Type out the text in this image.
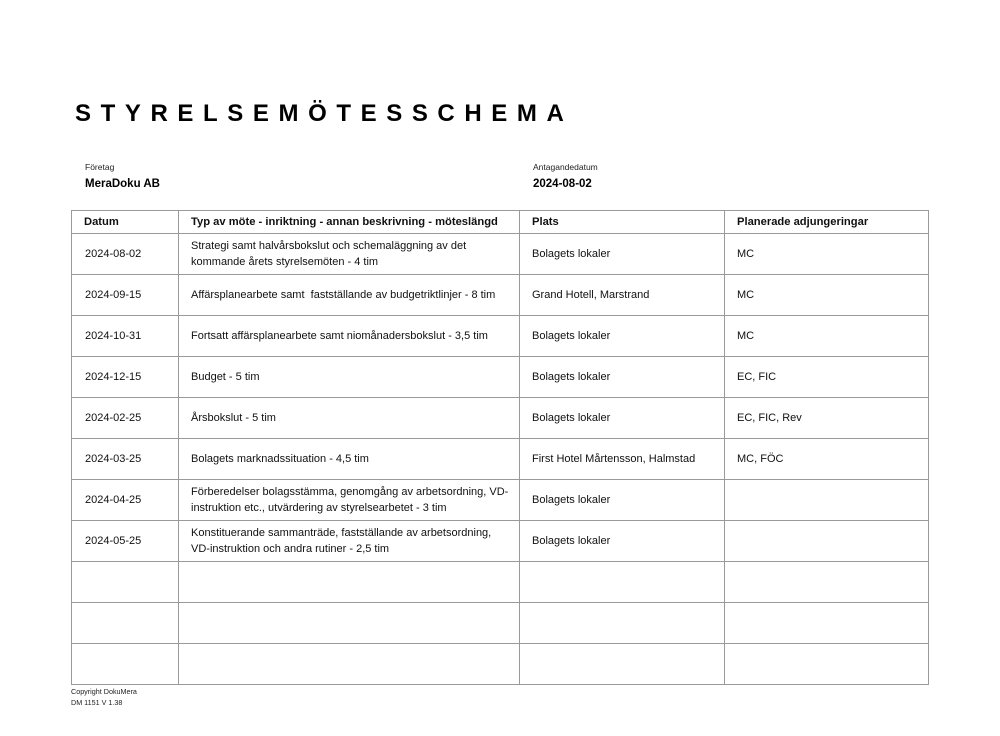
STYRELSEMÖTESSCHEMA
Företag
MeraDoku AB
Antagandedatum
2024-08-02
Datum	Typ av möte - inriktning - annan beskrivning - möteslängd	Plats	Planerade adjungeringar
2024-08-02	Strategi samt halvårsbokslut och schemaläggning av det kommande årets styrelsemöten - 4 tim	Bolagets lokaler	MC
2024-09-15	Affärsplanearbete samt  fastställande av budgetriktlinjer - 8 tim	Grand Hotell, Marstrand	MC
2024-10-31	Fortsatt affärsplanearbete samt niomånadersbokslut - 3,5 tim	Bolagets lokaler	MC
2024-12-15	Budget - 5 tim	Bolagets lokaler	EC, FIC
2024-02-25	Årsbokslut - 5 tim	Bolagets lokaler	EC, FIC, Rev
2024-03-25	Bolagets marknadssituation - 4,5 tim	First Hotel Mårtensson, Halmstad	MC, FÖC
2024-04-25	Förberedelser bolagsstämma, genomgång av arbetsordning, VD-instruktion etc., utvärdering av styrelsearbetet - 3 tim	Bolagets lokaler	
2024-05-25	Konstituerande sammanträde, fastställande av arbetsordning, VD-instruktion och andra rutiner - 2,5 tim	Bolagets lokaler	

Copyright DokuMera
DM 1151 V 1.38
